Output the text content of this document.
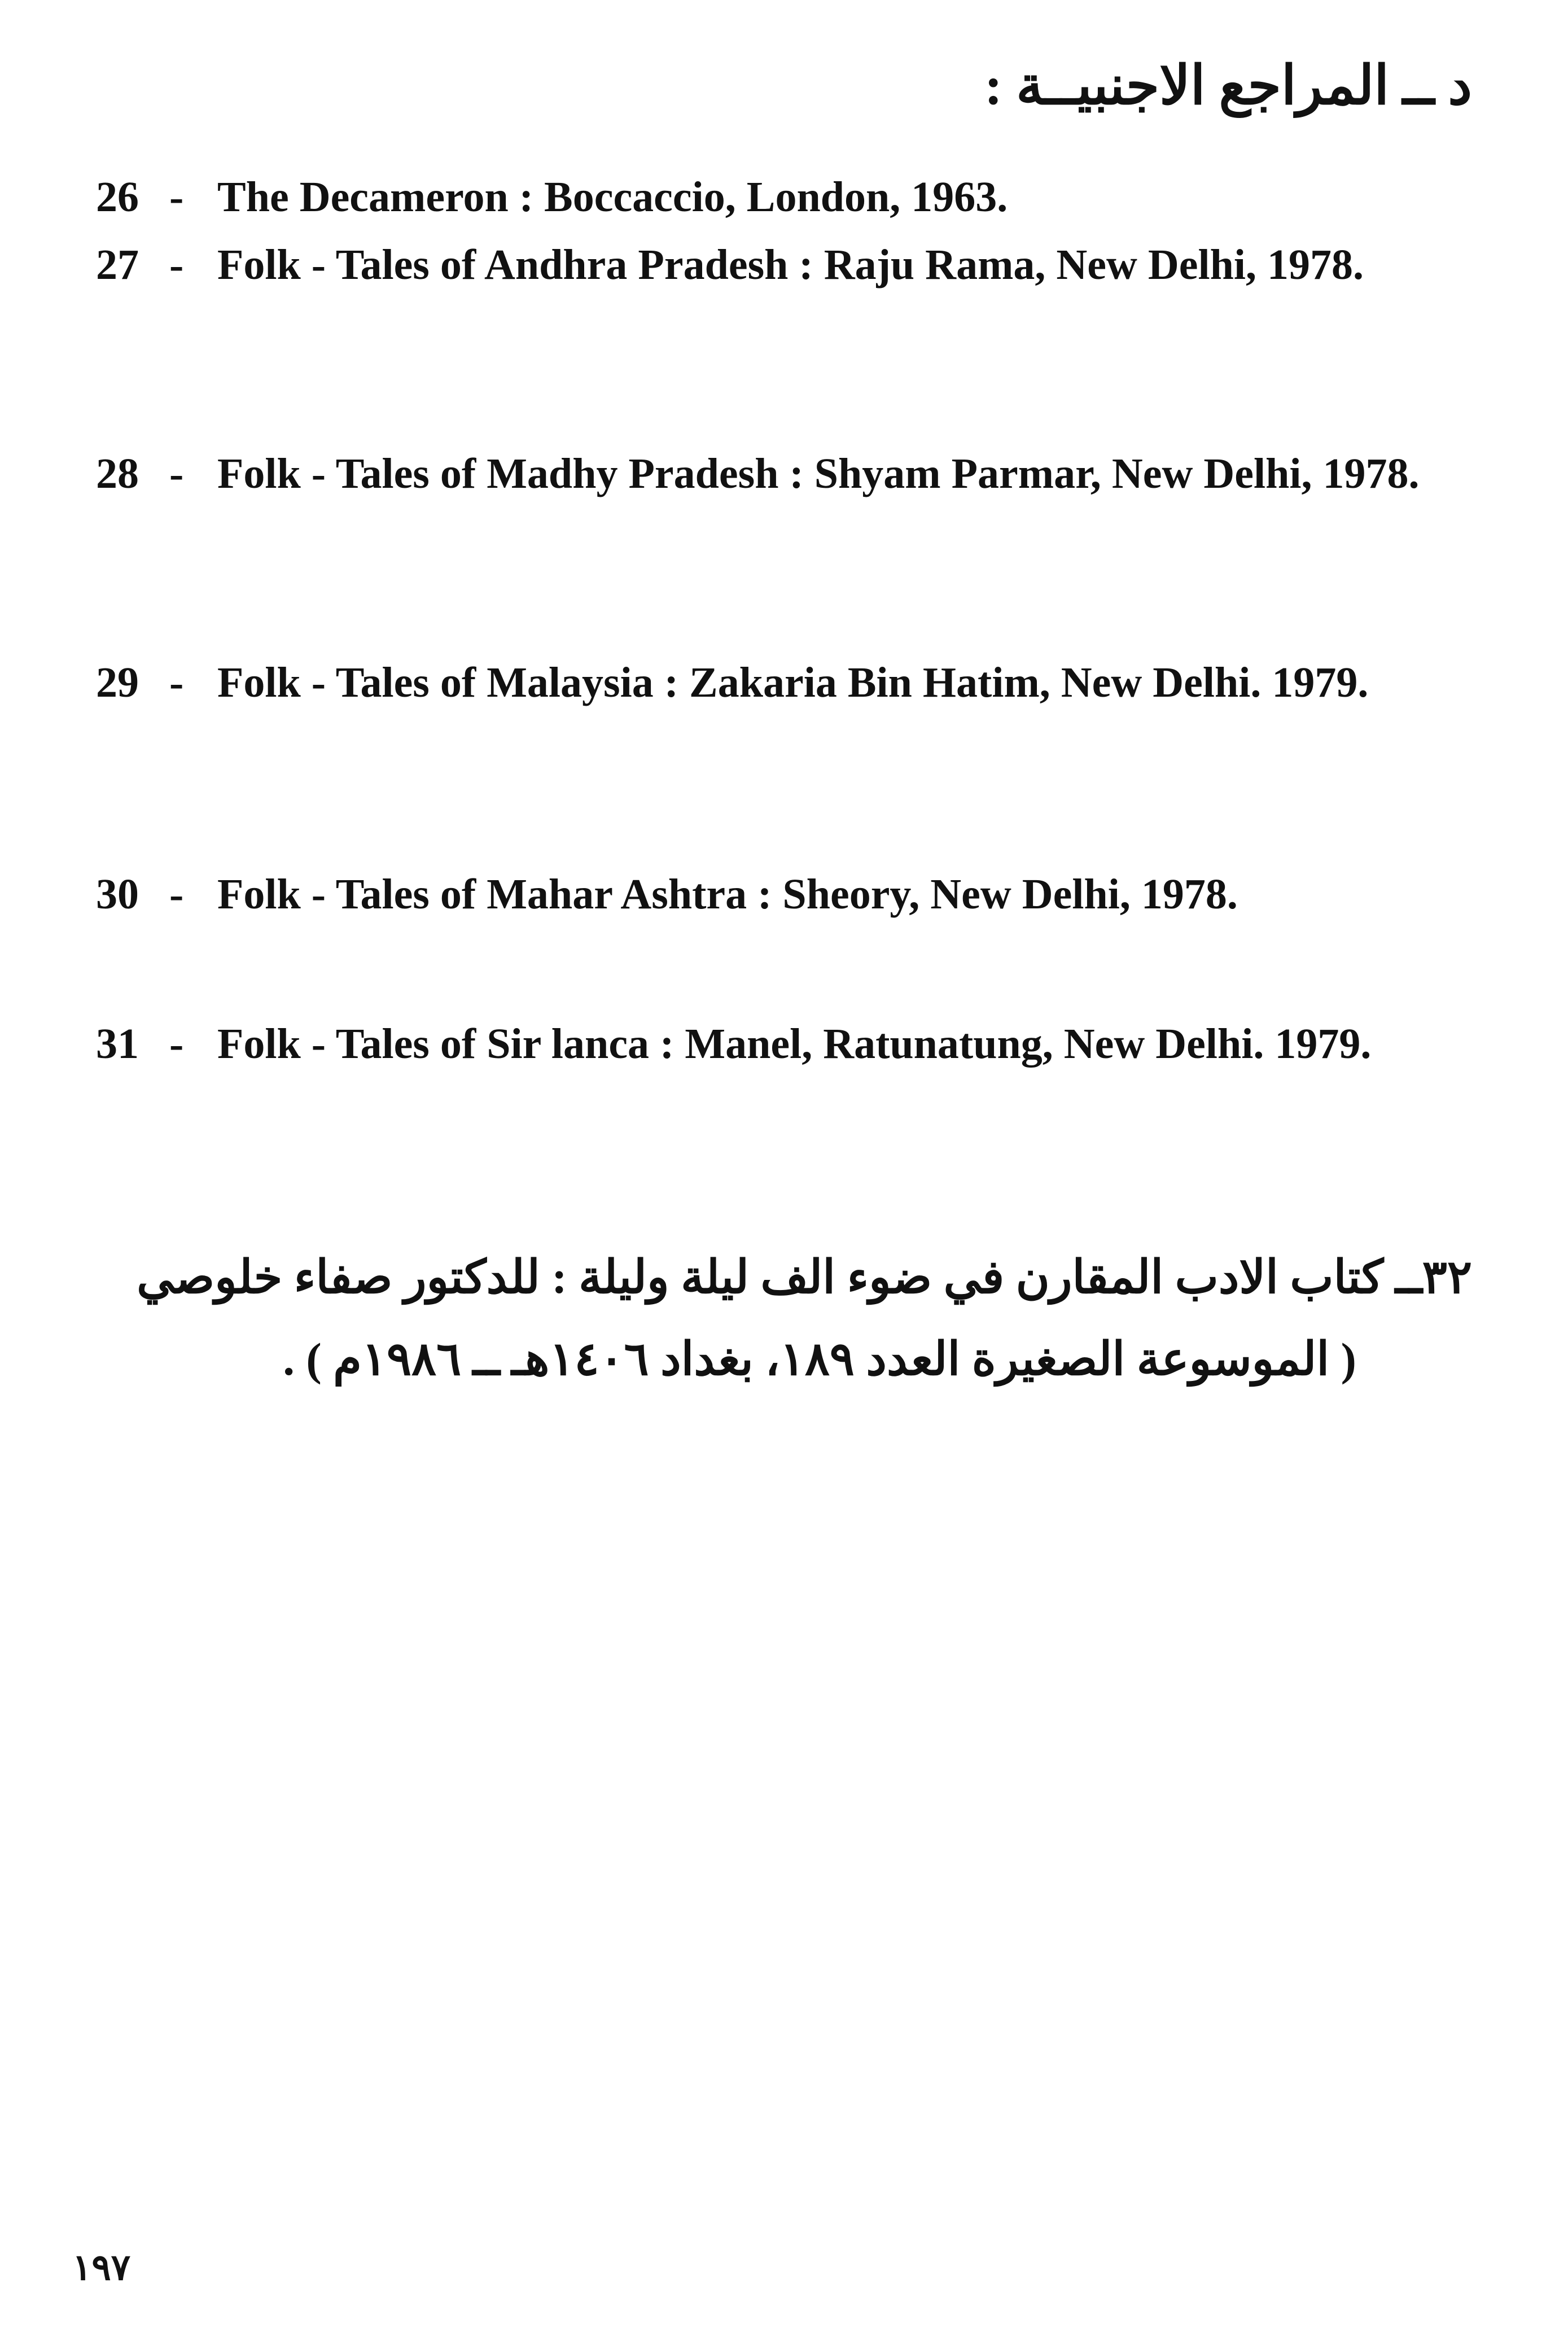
د ــ المراجع الاجنبيــة :
26 - The Decameron : Boccaccio, London, 1963.
27 - Folk - Tales of Andhra Pradesh : Raju Rama, New Delhi, 1978.
28 - Folk - Tales of Madhy Pradesh : Shyam Parmar, New Delhi, 1978.
29 - Folk - Tales of Malaysia : Zakaria Bin Hatim, New Delhi. 1979.
30 - Folk - Tales of Mahar Ashtra : Sheory, New Delhi, 1978.
31 - Folk - Tales of Sir lanca : Manel, Ratunatung, New Delhi. 1979.
٣٢ــ كتاب الادب المقارن في ضوء الف ليلة وليلة : للدكتور صفاء خلوصي
( الموسوعة الصغيرة العدد ١٨٩، بغداد ١٤٠٦هـ ــ ١٩٨٦م ) .
١٩٧
